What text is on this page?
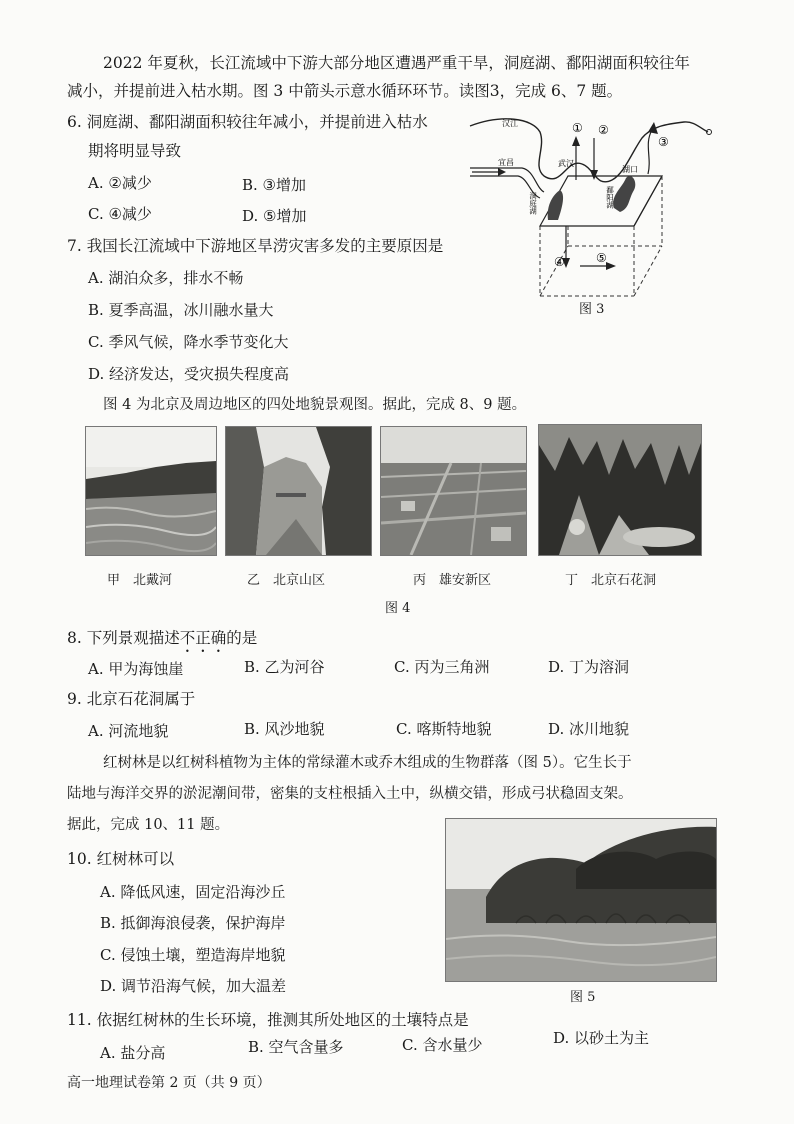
2022 年夏秋，长江流域中下游大部分地区遭遇严重干旱，洞庭湖、鄱阳湖面积较往年
减小，并提前进入枯水期。图 3 中箭头示意水循环环节。读图3，完成 6、7 题。
6. 洞庭湖、鄱阳湖面积较往年减小，并提前进入枯水
期将明显导致
A. ②减少	B. ③增加
C. ④减少	D. ⑤增加
7. 我国长江流域中下游地区旱涝灾害多发的主要原因是
A. 湖泊众多，排水不畅
B. 夏季高温，冰川融水量大
C. 季风气候，降水季节变化大
D. 经济发达，受灾损失程度高
汉江
宜昌	武汉
湖口
洞庭湖	鄱阳湖
① ②
③
④	⑤
图 3
图 4 为北京及周边地区的四处地貌景观图。据此，完成 8、9 题。
甲　北戴河	乙　北京山区	丙　雄安新区	丁　北京石花洞
图 4
8. 下列景观描述不正确的是
A. 甲为海蚀崖	B. 乙为河谷	C. 丙为三角洲	D. 丁为溶洞
9. 北京石花洞属于
A. 河流地貌	B. 风沙地貌	C. 喀斯特地貌	D. 冰川地貌
红树林是以红树科植物为主体的常绿灌木或乔木组成的生物群落（图 5）。它生长于
陆地与海洋交界的淤泥潮间带，密集的支柱根插入土中，纵横交错，形成弓状稳固支架。
据此，完成 10、11 题。
10. 红树林可以
A. 降低风速，固定沿海沙丘
B. 抵御海浪侵袭，保护海岸
C. 侵蚀土壤，塑造海岸地貌
D. 调节沿海气候，加大温差
图 5
11. 依据红树林的生长环境，推测其所处地区的土壤特点是
A. 盐分高	B. 空气含量多	C. 含水量少	D. 以砂土为主
高一地理试卷第 2 页（共 9 页）
